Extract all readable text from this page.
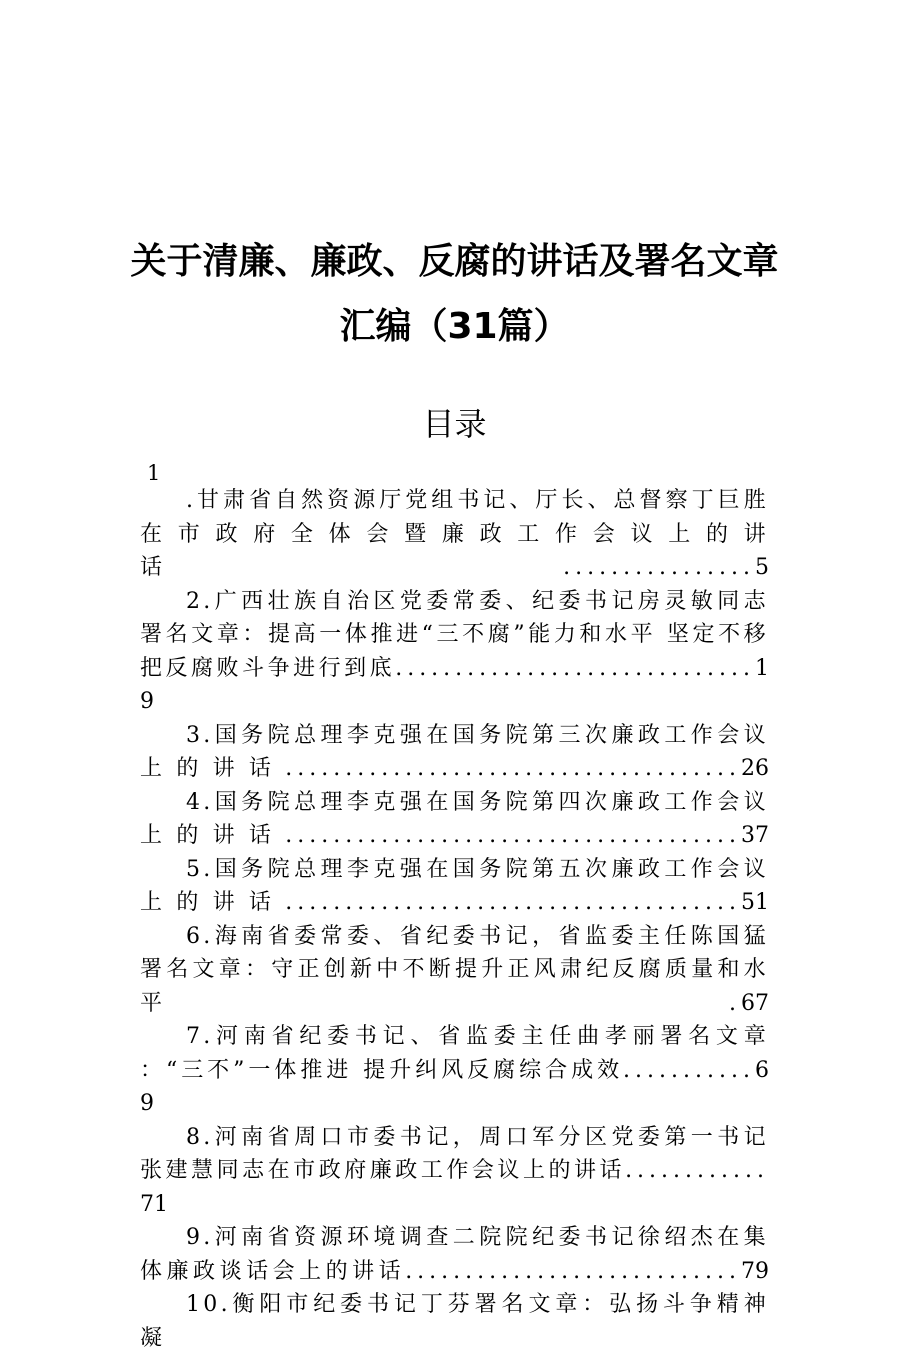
关于清廉、廉政、反腐的讲话及署名文章
汇编（31篇）
目录
1
.甘肃省自然资源厅党组书记、厅长、总督察丁巨胜在市政府全体会暨廉政工作会议上的讲话................5
2.广西壮族自治区党委常委、纪委书记房灵敏同志署名文章：提高一体推进“三不腐”能力和水平 坚定不移把反腐败斗争进行到底..............................19
3.国务院总理李克强在国务院第三次廉政工作会议上的讲话......................................26
4.国务院总理李克强在国务院第四次廉政工作会议上的讲话......................................37
5.国务院总理李克强在国务院第五次廉政工作会议上的讲话......................................51
6.海南省委常委、省纪委书记，省监委主任陈国猛署名文章：守正创新中不断提升正风肃纪反腐质量和水平.67
7.河南省纪委书记、省监委主任曲孝丽署名文章 ：“三不”一体推进 提升纠风反腐综合成效...........69
8.河南省周口市委书记，周口军分区党委第一书记张建慧同志在市政府廉政工作会议上的讲话............71
9.河南省资源环境调查二院院纪委书记徐绍杰在集体廉政谈话会上的讲话............................79
10.衡阳市纪委书记丁芬署名文章：弘扬斗争精神 凝
